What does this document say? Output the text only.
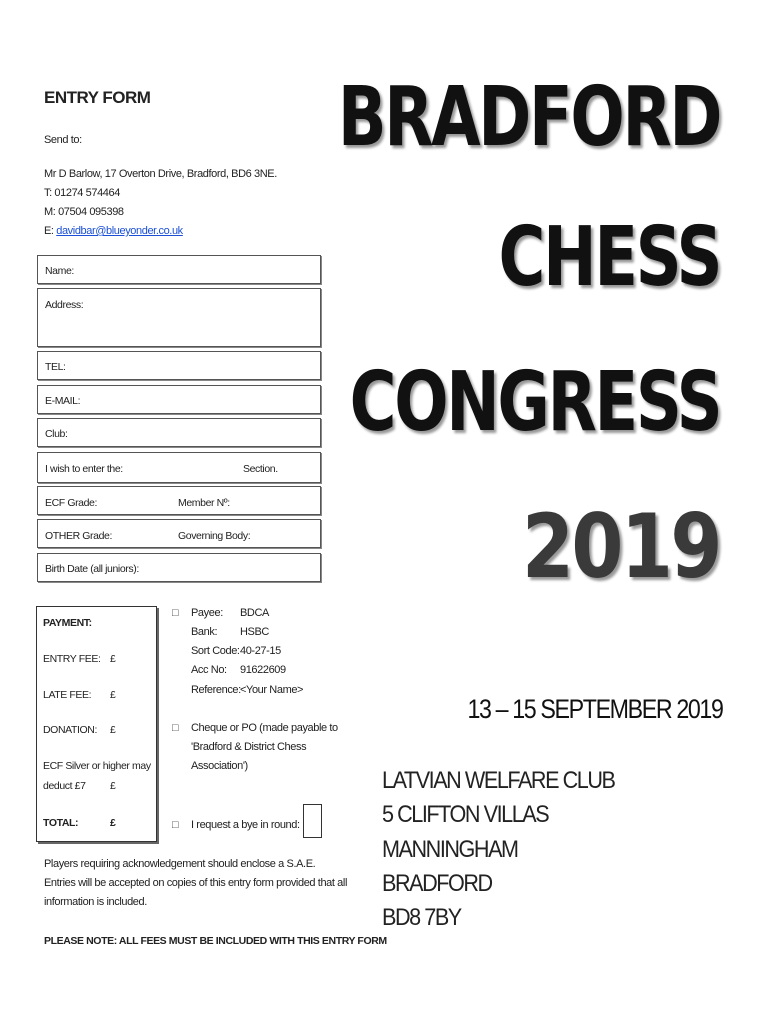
ENTRY FORM
Send to:
Mr D Barlow, 17 Overton Drive, Bradford, BD6 3NE.
T: 01274 574464
M: 07504 095398
E: davidbar@blueyonder.co.uk
Name:
Address:
TEL:
E-MAIL:
Club:
I wish to enter the:	Section.
ECF Grade:	Member Nº:
OTHER Grade:	Governing Body:
Birth Date (all juniors):
PAYMENT:
ENTRY FEE: £
LATE FEE: £
DONATION: £
ECF Silver or higher may
deduct £7 £
TOTAL:	£
□ Payee: BDCA
Bank: HSBC
Sort Code: 40-27-15
Acc No: 91622609
Reference: <Your Name>
□ Cheque or PO (made payable to
'Bradford & District Chess
Association')
□ I request a bye in round:
Players requiring acknowledgement should enclose a S.A.E.
Entries will be accepted on copies of this entry form provided that all
information is included.
PLEASE NOTE: ALL FEES MUST BE INCLUDED WITH THIS ENTRY FORM
BRADFORD
CHESS
CONGRESS
2019
13 – 15 SEPTEMBER 2019
LATVIAN WELFARE CLUB
5 CLIFTON VILLAS
MANNINGHAM
BRADFORD
BD8 7BY
